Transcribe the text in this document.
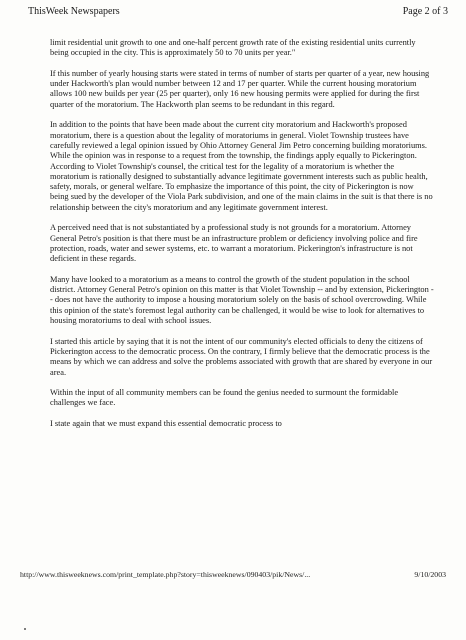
ThisWeek Newspapers	Page 2 of 3

limit residential unit growth to one and one-half percent growth rate of the existing residential units currently being occupied in the city. This is approximately 50 to 70 units per year."

If this number of yearly housing starts were stated in terms of number of starts per quarter of a year, new housing under Hackworth's plan would number between 12 and 17 per quarter. While the current housing moratorium allows 100 new builds per year (25 per quarter), only 16 new housing permits were applied for during the first quarter of the moratorium. The Hackworth plan seems to be redundant in this regard.

In addition to the points that have been made about the current city moratorium and Hackworth's proposed moratorium, there is a question about the legality of moratoriums in general. Violet Township trustees have carefully reviewed a legal opinion issued by Ohio Attorney General Jim Petro concerning building moratoriums. While the opinion was in response to a request from the township, the findings apply equally to Pickerington. According to Violet Township's counsel, the critical test for the legality of a moratorium is whether the moratorium is rationally designed to substantially advance legitimate government interests such as public health, safety, morals, or general welfare. To emphasize the importance of this point, the city of Pickerington is now being sued by the developer of the Viola Park subdivision, and one of the main claims in the suit is that there is no relationship between the city's moratorium and any legitimate government interest.

A perceived need that is not substantiated by a professional study is not grounds for a moratorium. Attorney General Petro's position is that there must be an infrastructure problem or deficiency involving police and fire protection, roads, water and sewer systems, etc. to warrant a moratorium. Pickerington's infrastructure is not deficient in these regards.

Many have looked to a moratorium as a means to control the growth of the student population in the school district. Attorney General Petro's opinion on this matter is that Violet Township -- and by extension, Pickerington -- does not have the authority to impose a housing moratorium solely on the basis of school overcrowding. While this opinion of the state's foremost legal authority can be challenged, it would be wise to look for alternatives to housing moratoriums to deal with school issues.

I started this article by saying that it is not the intent of our community's elected officials to deny the citizens of Pickerington access to the democratic process. On the contrary, I firmly believe that the democratic process is the means by which we can address and solve the problems associated with growth that are shared by everyone in our area.

Within the input of all community members can be found the genius needed to surmount the formidable challenges we face.

I state again that we must expand this essential democratic process to

http://www.thisweeknews.com/print_template.php?story=thisweeknews/090403/pik/News/...	9/10/2003
